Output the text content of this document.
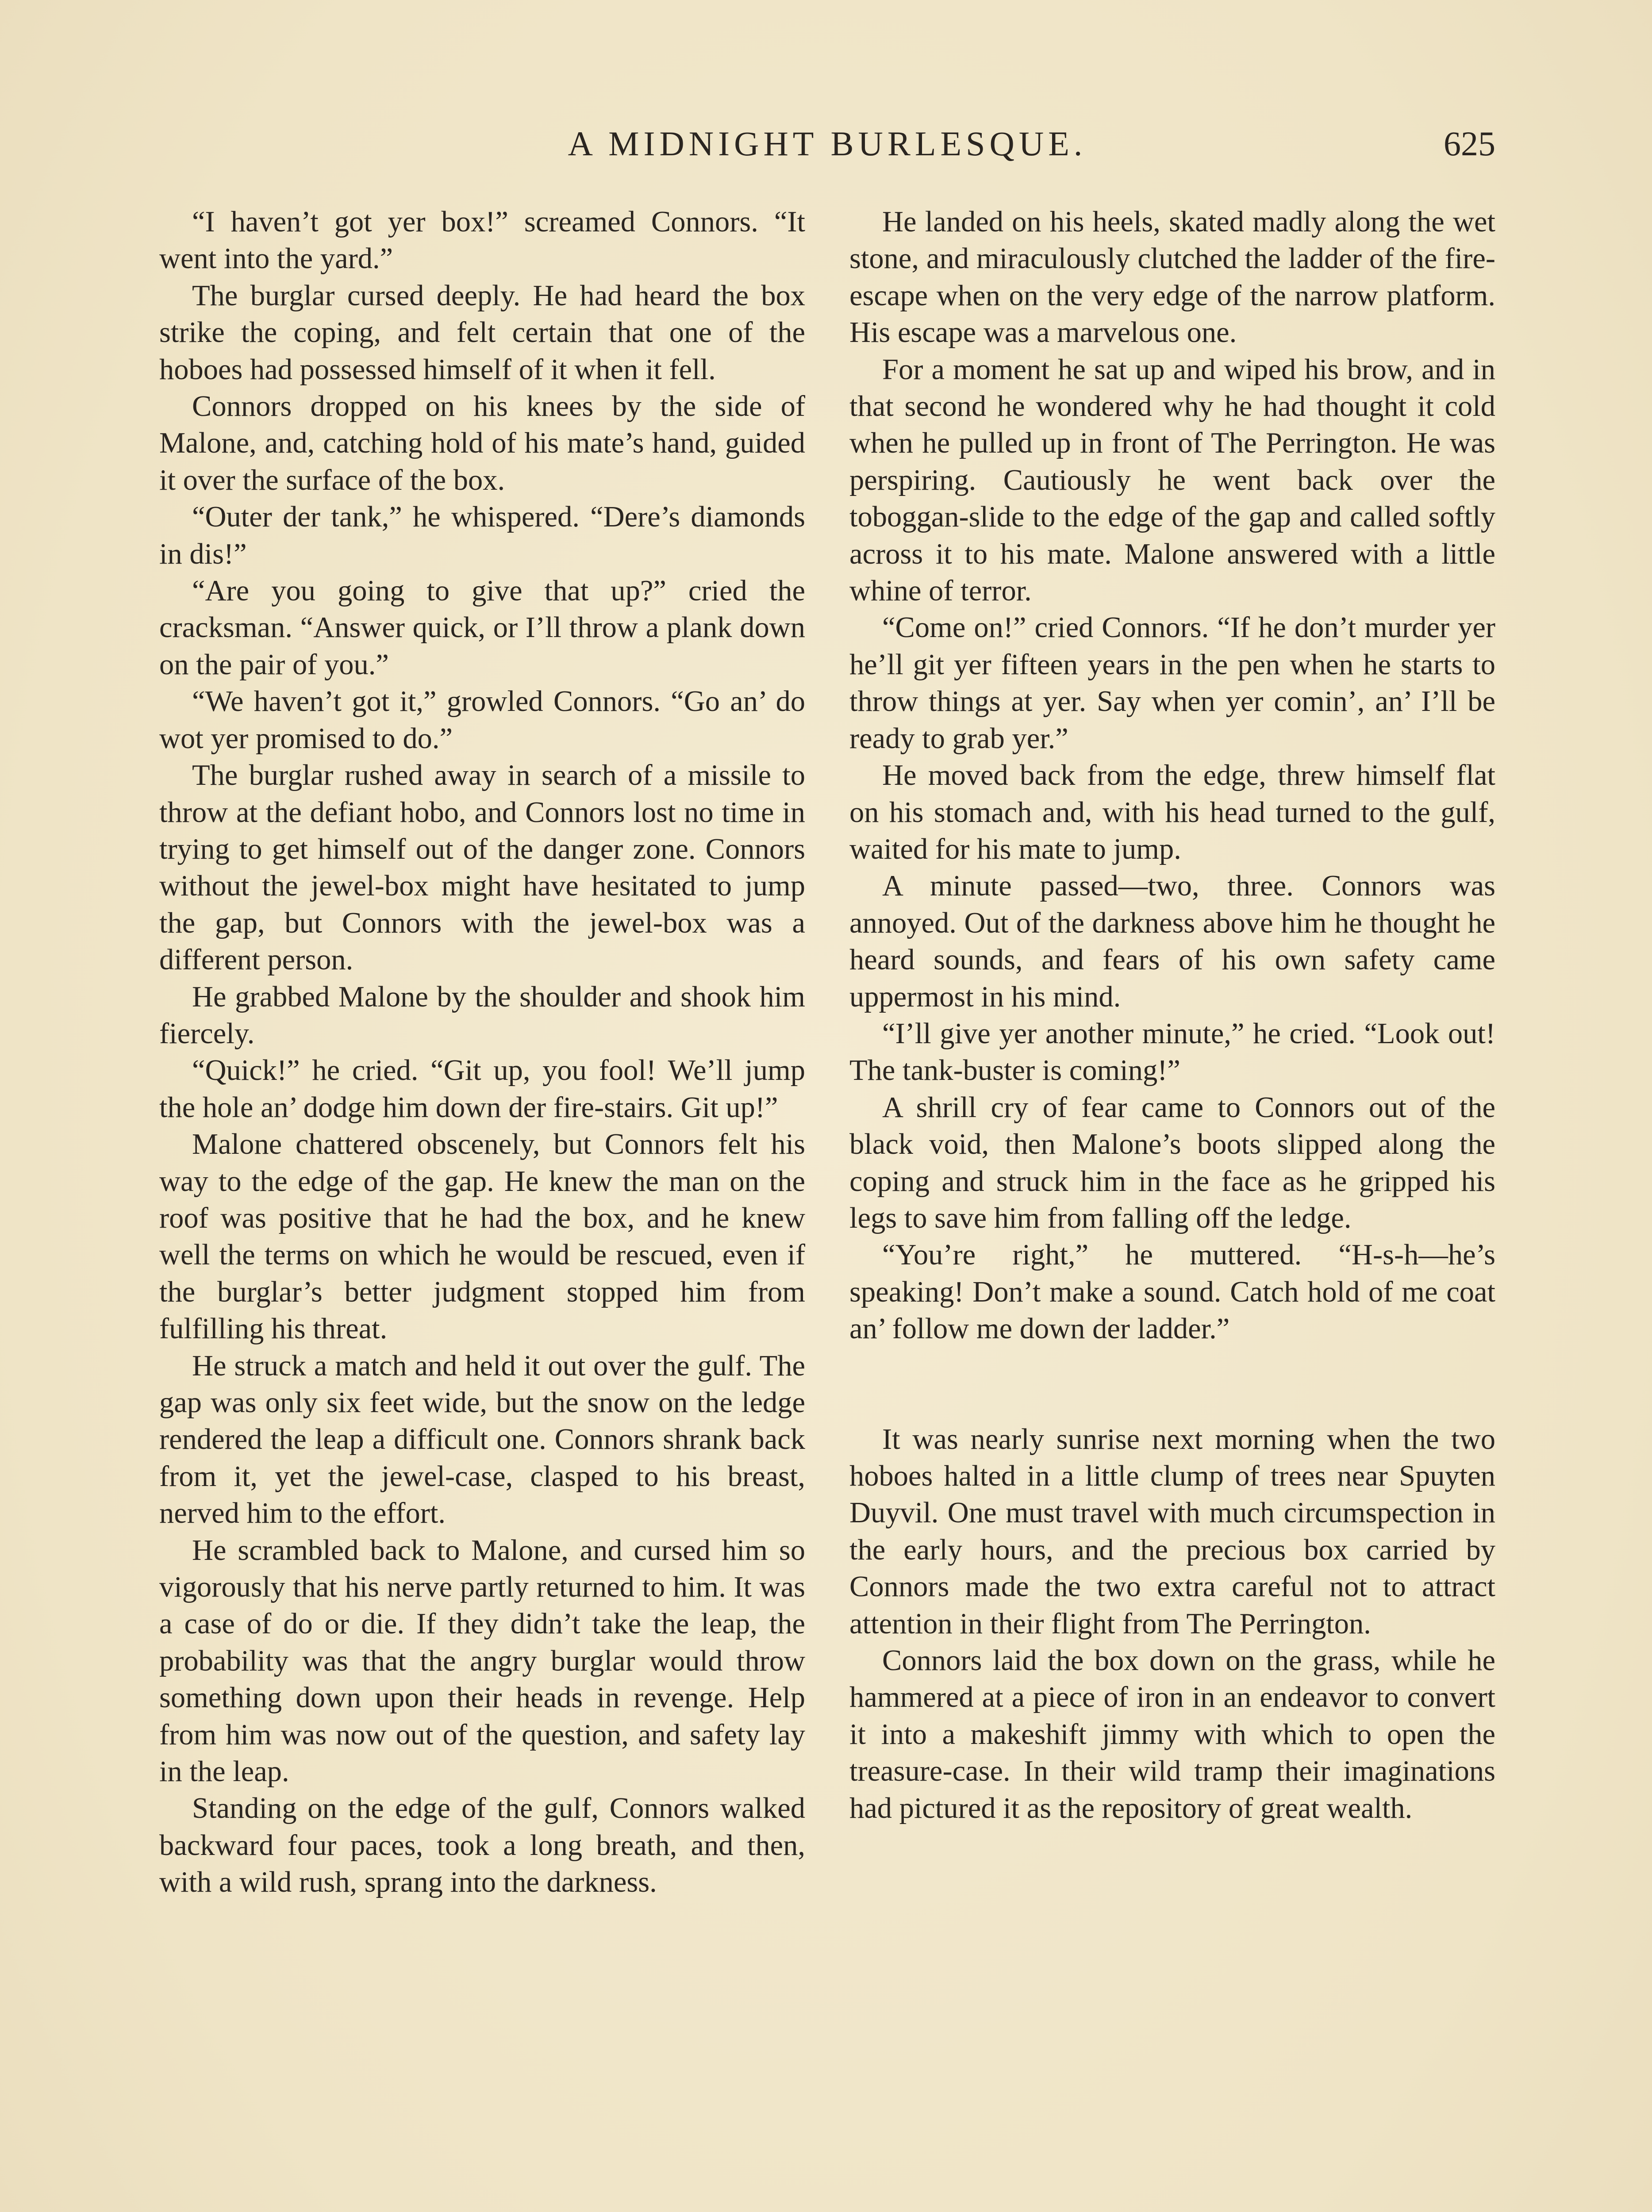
A MIDNIGHT BURLESQUE.	625

“I haven’t got yer box!” screamed Connors. “It went into the yard.”

The burglar cursed deeply. He had heard the box strike the coping, and felt certain that one of the hoboes had possessed himself of it when it fell.

Connors dropped on his knees by the side of Malone, and, catching hold of his mate’s hand, guided it over the surface of the box.

“Outer der tank,” he whispered. “Dere’s diamonds in dis!”

“Are you going to give that up?” cried the cracksman. “Answer quick, or I’ll throw a plank down on the pair of you.”

“We haven’t got it,” growled Connors. “Go an’ do wot yer promised to do.”

The burglar rushed away in search of a missile to throw at the defiant hobo, and Connors lost no time in trying to get himself out of the danger zone. Connors without the jewel-box might have hesitated to jump the gap, but Connors with the jewel-box was a different person.

He grabbed Malone by the shoulder and shook him fiercely.

“Quick!” he cried. “Git up, you fool! We’ll jump the hole an’ dodge him down der fire-stairs. Git up!”

Malone chattered obscenely, but Connors felt his way to the edge of the gap. He knew the man on the roof was positive that he had the box, and he knew well the terms on which he would be rescued, even if the burglar’s better judgment stopped him from fulfilling his threat.

He struck a match and held it out over the gulf. The gap was only six feet wide, but the snow on the ledge rendered the leap a difficult one. Connors shrank back from it, yet the jewel-case, clasped to his breast, nerved him to the effort.

He scrambled back to Malone, and cursed him so vigorously that his nerve partly returned to him. It was a case of do or die. If they didn’t take the leap, the probability was that the angry burglar would throw something down upon their heads in revenge. Help from him was now out of the question, and safety lay in the leap.

Standing on the edge of the gulf, Connors walked backward four paces, took a long breath, and then, with a wild rush, sprang into the darkness.

He landed on his heels, skated madly along the wet stone, and miraculously clutched the ladder of the fire-escape when on the very edge of the narrow platform. His escape was a marvelous one.

For a moment he sat up and wiped his brow, and in that second he wondered why he had thought it cold when he pulled up in front of The Perrington. He was perspiring. Cautiously he went back over the toboggan-slide to the edge of the gap and called softly across it to his mate. Malone answered with a little whine of terror.

“Come on!” cried Connors. “If he don’t murder yer he’ll git yer fifteen years in the pen when he starts to throw things at yer. Say when yer comin’, an’ I’ll be ready to grab yer.”

He moved back from the edge, threw himself flat on his stomach and, with his head turned to the gulf, waited for his mate to jump.

A minute passed—two, three. Connors was annoyed. Out of the darkness above him he thought he heard sounds, and fears of his own safety came uppermost in his mind.

“I’ll give yer another minute,” he cried. “Look out! The tank-buster is coming!”

A shrill cry of fear came to Connors out of the black void, then Malone’s boots slipped along the coping and struck him in the face as he gripped his legs to save him from falling off the ledge.

“You’re right,” he muttered. “H-s-h—he’s speaking! Don’t make a sound. Catch hold of me coat an’ follow me down der ladder.”

It was nearly sunrise next morning when the two hoboes halted in a little clump of trees near Spuyten Duyvil. One must travel with much circumspection in the early hours, and the precious box carried by Connors made the two extra careful not to attract attention in their flight from The Perrington.

Connors laid the box down on the grass, while he hammered at a piece of iron in an endeavor to convert it into a makeshift jimmy with which to open the treasure-case. In their wild tramp their imaginations had pictured it as the repository of great wealth.
